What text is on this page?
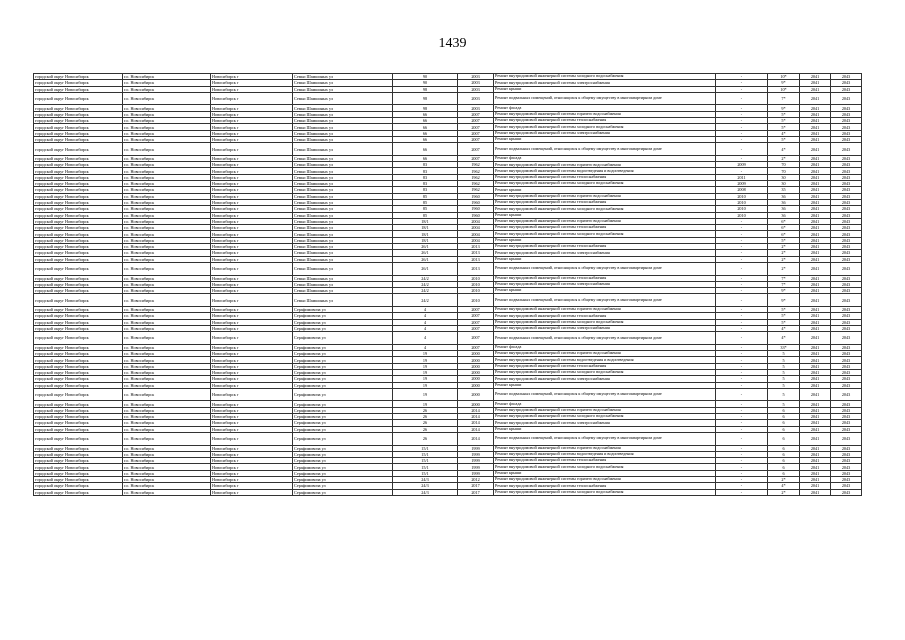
1439
городской округ Новосибирск	г.о. Новосибирск	Новосибирск г	Семьи Шамшиных ул	90	2003	Ремонт внутридомовой инженерной системы холодного водоснабжения	-	10*	2041	2043
городской округ Новосибирск	г.о. Новосибирск	Новосибирск г	Семьи Шамшиных ул	90	2003	Ремонт внутридомовой инженерной системы электроснабжения	-	9*	2041	2043
городской округ Новосибирск	г.о. Новосибирск	Новосибирск г	Семьи Шамшиных ул	98	2003	Ремонт крыши	-	10*	2041	2043
городской округ Новосибирск	г.о. Новосибирск	Новосибирск г	Семьи Шамшиных ул	98	2003	Ремонт подвальных помещений, относящихся к общему имуществу в многоквартирном доме	-	7*	2041	2043
городской округ Новосибирск	г.о. Новосибирск	Новосибирск г	Семьи Шамшиных ул	98	2003	Ремонт фасада	-	9*	2041	2043
городской округ Новосибирск	г.о. Новосибирск	Новосибирск г	Семьи Шамшиных ул	66	2007	Ремонт внутридомовой инженерной системы горячего водоснабжения	-	5*	2041	2043
городской округ Новосибирск	г.о. Новосибирск	Новосибирск г	Семьи Шамшиных ул	66	2007	Ремонт внутридомовой инженерной системы теплоснабжения	-	5*	2041	2043
городской округ Новосибирск	г.о. Новосибирск	Новосибирск г	Семьи Шамшиных ул	66	2007	Ремонт внутридомовой инженерной системы холодного водоснабжения	-	5*	2041	2043
городской округ Новосибирск	г.о. Новосибирск	Новосибирск г	Семьи Шамшиных ул	66	2007	Ремонт внутридомовой инженерной системы электроснабжения	-	4*	2041	2043
городской округ Новосибирск	г.о. Новосибирск	Новосибирск г	Семьи Шамшиных ул	66	2007	Ремонт крыши	-	5*	2041	2043
городской округ Новосибирск	г.о. Новосибирск	Новосибирск г	Семьи Шамшиных ул	66	2007	Ремонт подвальных помещений, относящихся к общему имуществу в многоквартирном доме	-	4*	2041	2043
городской округ Новосибирск	г.о. Новосибирск	Новосибирск г	Семьи Шамшиных ул	66	2007	Ремонт фасада	-	2*	2041	2043
городской округ Новосибирск	г.о. Новосибирск	Новосибирск г	Семьи Шамшиных ул	83	1962	Ремонт внутридомовой инженерной системы горячего водоснабжения	2009	70	2041	2043
городской округ Новосибирск	г.о. Новосибирск	Новосибирск г	Семьи Шамшиных ул	83	1962	Ремонт внутридомовой инженерной системы водоотведения и водоотведения	-	70	2041	2043
городской округ Новосибирск	г.о. Новосибирск	Новосибирск г	Семьи Шамшиных ул	83	1962	Ремонт внутридомовой инженерной системы теплоснабжения	2011	30	2041	2043
городской округ Новосибирск	г.о. Новосибирск	Новосибирск г	Семьи Шамшиных ул	83	1962	Ремонт внутридомовой инженерной системы холодного водоснабжения	2009	30	2041	2043
городской округ Новосибирск	г.о. Новосибирск	Новосибирск г	Семьи Шамшиных ул	83	1962	Ремонт крыши	2008	35	2041	2043
городской округ Новосибирск	г.о. Новосибирск	Новосибирск г	Семьи Шамшиных ул	85	1960	Ремонт внутридомовой инженерной системы горячего водоснабжения	2010	36	2041	2043
городской округ Новосибирск	г.о. Новосибирск	Новосибирск г	Семьи Шамшиных ул	85	1960	Ремонт внутридомовой инженерной системы теплоснабжения	2010	36	2041	2043
городской округ Новосибирск	г.о. Новосибирск	Новосибирск г	Семьи Шамшиных ул	85	1960	Ремонт внутридомовой инженерной системы холодного водоснабжения	2010	36	2041	2043
городской округ Новосибирск	г.о. Новосибирск	Новосибирск г	Семьи Шамшиных ул	85	1960	Ремонт крыши	2010	36	2041	2043
городской округ Новосибирск	г.о. Новосибирск	Новосибирск г	Семьи Шамшиных ул	18/1	2004	Ремонт внутридомовой инженерной системы горячего водоснабжения	-	6*	2041	2043
городской округ Новосибирск	г.о. Новосибирск	Новосибирск г	Семьи Шамшиных ул	18/1	2004	Ремонт внутридомовой инженерной системы теплоснабжения	-	6*	2041	2043
городской округ Новосибирск	г.о. Новосибирск	Новосибирск г	Семьи Шамшиных ул	18/1	2004	Ремонт внутридомовой инженерной системы холодного водоснабжения	-	6*	2041	2043
городской округ Новосибирск	г.о. Новосибирск	Новосибирск г	Семьи Шамшиных ул	18/1	2004	Ремонт крыши	-	5*	2041	2043
городской округ Новосибирск	г.о. Новосибирск	Новосибирск г	Семьи Шамшиных ул	26/1	2013	Ремонт внутридомовой инженерной системы теплоснабжения	-	2*	2041	2043
городской округ Новосибирск	г.о. Новосибирск	Новосибирск г	Семьи Шамшиных ул	26/1	2013	Ремонт внутридомовой инженерной системы электроснабжения	-	2*	2041	2043
городской округ Новосибирск	г.о. Новосибирск	Новосибирск г	Семьи Шамшиных ул	26/1	2013	Ремонт крыши	-	2*	2041	2043
городской округ Новосибирск	г.о. Новосибирск	Новосибирск г	Семьи Шамшиных ул	26/1	2013	Ремонт подвальных помещений, относящихся к общему имуществу в многоквартирном доме	-	2*	2041	2043
городской округ Новосибирск	г.о. Новосибирск	Новосибирск г	Семьи Шамшиных ул	24/2	2010	Ремонт внутридомовой инженерной системы теплоснабжения	-	7*	2041	2043
городской округ Новосибирск	г.о. Новосибирск	Новосибирск г	Семьи Шамшиных ул	24/2	2010	Ремонт внутридомовой инженерной системы электроснабжения	-	7*	2041	2043
городской округ Новосибирск	г.о. Новосибирск	Новосибирск г	Семьи Шамшиных ул	24/2	2010	Ремонт крыши	-	9*	2041	2043
городской округ Новосибирск	г.о. Новосибирск	Новосибирск г	Семьи Шамшиных ул	24/2	2010	Ремонт подвальных помещений, относящихся к общему имуществу в многоквартирном доме	-	9*	2041	2043
городской округ Новосибирск	г.о. Новосибирск	Новосибирск г	Серафимовича ул	4	2007	Ремонт внутридомовой инженерной системы горячего водоснабжения	-	5*	2041	2043
городской округ Новосибирск	г.о. Новосибирск	Новосибирск г	Серафимовича ул	4	2007	Ремонт внутридомовой инженерной системы теплоснабжения	-	5*	2041	2043
городской округ Новосибирск	г.о. Новосибирск	Новосибирск г	Серафимовича ул	4	2007	Ремонт внутридомовой инженерной системы холодного водоснабжения	-	5*	2041	2043
городской округ Новосибирск	г.о. Новосибирск	Новосибирск г	Серафимовича ул	4	2007	Ремонт внутридомовой инженерной системы электроснабжения	-	4*	2041	2043
городской округ Новосибирск	г.о. Новосибирск	Новосибирск г	Серафимовича ул	4	2007	Ремонт подвальных помещений, относящихся к общему имуществу в многоквартирном доме	-	4*	2041	2043
городской округ Новосибирск	г.о. Новосибирск	Новосибирск г	Серафимовича ул	4	2007	Ремонт фасада	-	33*	2041	2043
городской округ Новосибирск	г.о. Новосибирск	Новосибирск г	Серафимовича ул	19	2000	Ремонт внутридомовой инженерной системы горячего водоснабжения	-	5	2041	2043
городской округ Новосибирск	г.о. Новосибирск	Новосибирск г	Серафимовича ул	19	2000	Ремонт внутридомовой инженерной системы водоотведения и водоотведения	-	5	2041	2043
городской округ Новосибирск	г.о. Новосибирск	Новосибирск г	Серафимовича ул	19	2000	Ремонт внутридомовой инженерной системы теплоснабжения	-	5	2041	2043
городской округ Новосибирск	г.о. Новосибирск	Новосибирск г	Серафимовича ул	19	2000	Ремонт внутридомовой инженерной системы холодного водоснабжения	-	5	2041	2043
городской округ Новосибирск	г.о. Новосибирск	Новосибирск г	Серафимовича ул	19	2000	Ремонт внутридомовой инженерной системы электроснабжения	-	5	2041	2043
городской округ Новосибирск	г.о. Новосибирск	Новосибирск г	Серафимовича ул	19	2000	Ремонт крыши	-	5	2041	2043
городской округ Новосибирск	г.о. Новосибирск	Новосибирск г	Серафимовича ул	19	2000	Ремонт подвальных помещений, относящихся к общему имуществу в многоквартирном доме	-	5	2041	2043
городской округ Новосибирск	г.о. Новосибирск	Новосибирск г	Серафимовича ул	19	2000	Ремонт фасада	-	5	2041	2043
городской округ Новосибирск	г.о. Новосибирск	Новосибирск г	Серафимовича ул	26	2014	Ремонт внутридомовой инженерной системы горячего водоснабжения	-	6	2041	2043
городской округ Новосибирск	г.о. Новосибирск	Новосибирск г	Серафимовича ул	26	2014	Ремонт внутридомовой инженерной системы холодного водоснабжения	-	6	2041	2043
городской округ Новосибирск	г.о. Новосибирск	Новосибирск г	Серафимовича ул	26	2014	Ремонт внутридомовой инженерной системы электроснабжения	-	6	2041	2043
городской округ Новосибирск	г.о. Новосибирск	Новосибирск г	Серафимовича ул	26	2014	Ремонт крыши	-	6	2041	2043
городской округ Новосибирск	г.о. Новосибирск	Новосибирск г	Серафимовича ул	26	2014	Ремонт подвальных помещений, относящихся к общему имуществу в многоквартирном доме	-	6	2041	2043
городской округ Новосибирск	г.о. Новосибирск	Новосибирск г	Серафимовича ул	15/1	1999	Ремонт внутридомовой инженерной системы горячего водоснабжения	-	6	2041	2043
городской округ Новосибирск	г.о. Новосибирск	Новосибирск г	Серафимовича ул	15/1	1999	Ремонт внутридомовой инженерной системы водоотведения и водоотведения	-	6	2041	2043
городской округ Новосибирск	г.о. Новосибирск	Новосибирск г	Серафимовича ул	15/1	1999	Ремонт внутридомовой инженерной системы теплоснабжения	-	6	2041	2043
городской округ Новосибирск	г.о. Новосибирск	Новосибирск г	Серафимовича ул	15/1	1999	Ремонт внутридомовой инженерной системы холодного водоснабжения	-	6	2041	2043
городской округ Новосибирск	г.о. Новосибирск	Новосибирск г	Серафимовича ул	15/1	1999	Ремонт крыши	-	6	2041	2043
городской округ Новосибирск	г.о. Новосибирск	Новосибирск г	Серафимовича ул	24/3	2012	Ремонт внутридомовой инженерной системы горячего водоснабжения	-	2*	2041	2043
городской округ Новосибирск	г.о. Новосибирск	Новосибирск г	Серафимовича ул	24/3	2017	Ремонт внутридомовой инженерной системы теплоснабжения	-	4*	2041	2043
городской округ Новосибирск	г.о. Новосибирск	Новосибирск г	Серафимовича ул	24/3	2017	Ремонт внутридомовой инженерной системы холодного водоснабжения	-	2*	2041	2043
